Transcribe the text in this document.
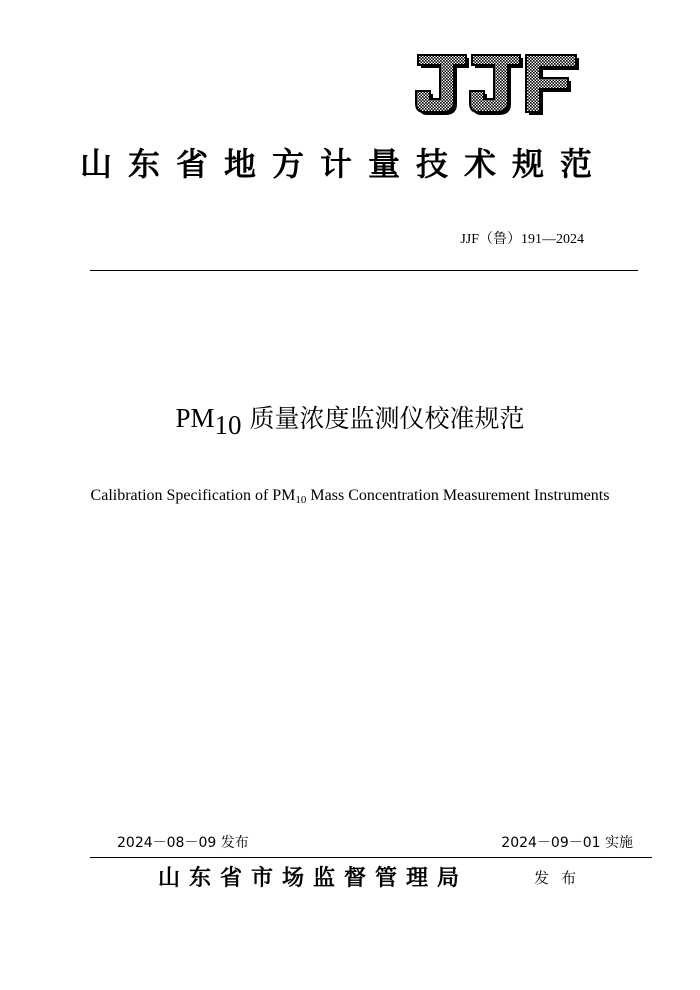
山东省地方计量技术规范
JJF（鲁）191—2024
$PM_{10}$ 质量浓度监测仪校准规范
Calibration Specification of $PM_{10}$ Mass Concentration Measurement Instruments
2024－08－09 发布	2024－09－01 实施
山东省市场监督管理局	发布
